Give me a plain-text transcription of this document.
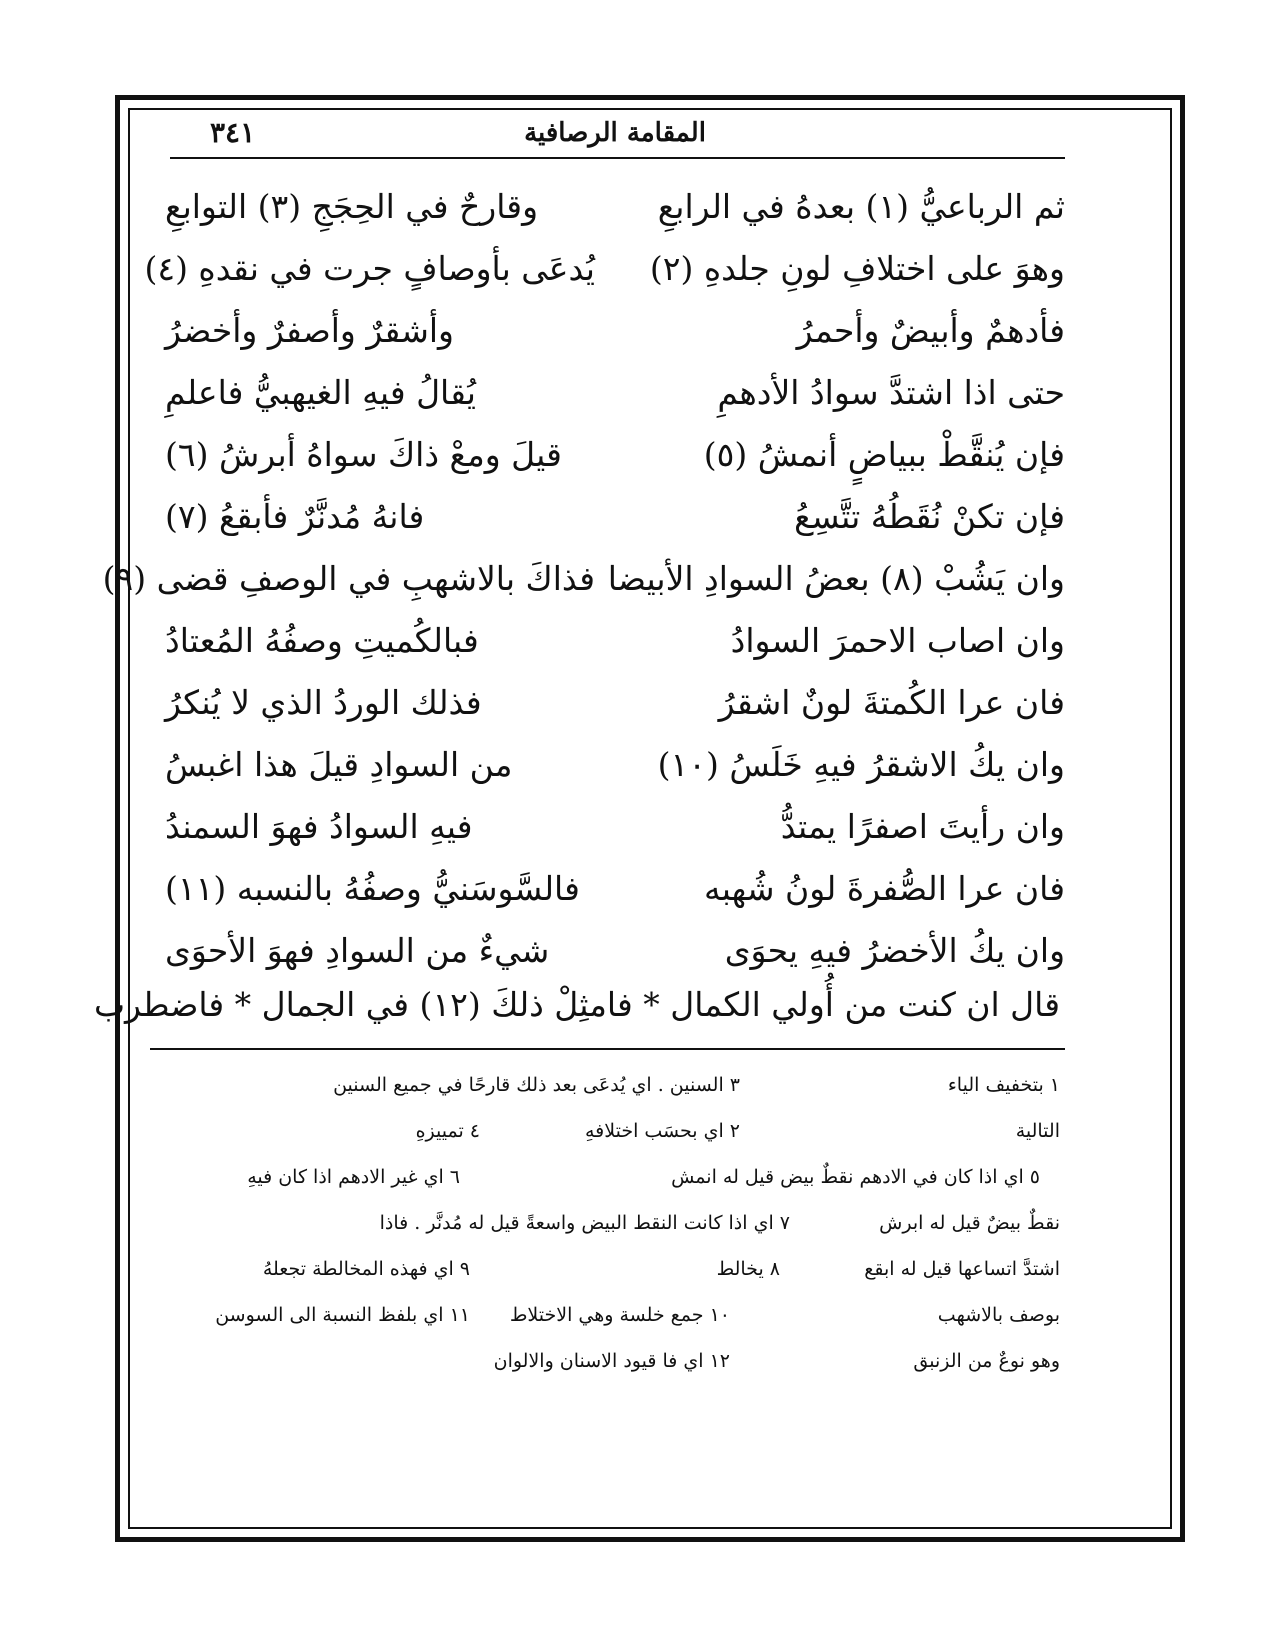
المقامة الرصافية
٣٤١
ثم الرباعيُّ (١) بعدهُ في الرابعِ
وقارحٌ في الحِجَجِ (٣) التوابعِ
وهوَ على اختلافِ لونِ جلدهِ (٢)
يُدعَى بأوصافٍ جرت في نقدهِ (٤)
فأدهمٌ وأبيضٌ وأحمرُ
وأشقرٌ وأصفرٌ وأخضرُ
حتى اذا اشتدَّ سوادُ الأدهمِ
يُقالُ فيهِ الغيهبيُّ فاعلمِ
فإن يُنقَّطْ ببياضٍ أنمشُ (٥)
قيلَ ومعْ ذاكَ سواهُ أبرشُ (٦)
فإن تكنْ نُقَطُهُ تتَّسِعُ
فانهُ مُدنَّرٌ فأبقعُ (٧)
وان يَشُبْ (٨) بعضُ السوادِ الأبيضا
فذاكَ بالاشهبِ في الوصفِ قضى (٩)
وان اصاب الاحمرَ السوادُ
فبالكُميتِ وصفُهُ المُعتادُ
فان عرا الكُمتةَ لونٌ اشقرُ
فذلك الوردُ الذي لا يُنكرُ
وان يكُ الاشقرُ فيهِ خَلَسُ (١٠)
من السوادِ قيلَ هذا اغبسُ
وان رأيتَ اصفرًا يمتدُّ
فيهِ السوادُ فهوَ السمندُ
فان عرا الصُّفرةَ لونُ شُهبه
فالسَّوسَنيُّ وصفُهُ بالنسبه (١١)
وان يكُ الأخضرُ فيهِ يحوَى
شيءٌ من السوادِ فهوَ الأحوَى
قال ان كنت من أُولي الكمال * فامثِلْ ذلكَ (١٢) في الجمال * فاضطرب
١ بتخفيف الياء
٣ السنين . اي يُدعَى بعد ذلك قارحًا في جميع السنين
التالية
٢ اي بحسَب اختلافهِ
٤ تمييزهِ
٥ اي اذا كان في الادهم نقطٌ بيض قيل له انمش
٦ اي غير الادهم اذا كان فيهِ
نقطٌ بيضٌ قيل له ابرش
٧ اي اذا كانت النقط البيض واسعةً قيل له مُدنَّر . فاذا
اشتدَّ اتساعها قيل له ابقع
٨ يخالط
٩ اي فهذه المخالطة تجعلهُ
بوصف بالاشهب
١٠ جمع خلسة وهي الاختلاط
١١ اي بلفظ النسبة الى السوسن
وهو نوعٌ من الزنبق
١٢ اي فا قيود الاسنان والالوان
